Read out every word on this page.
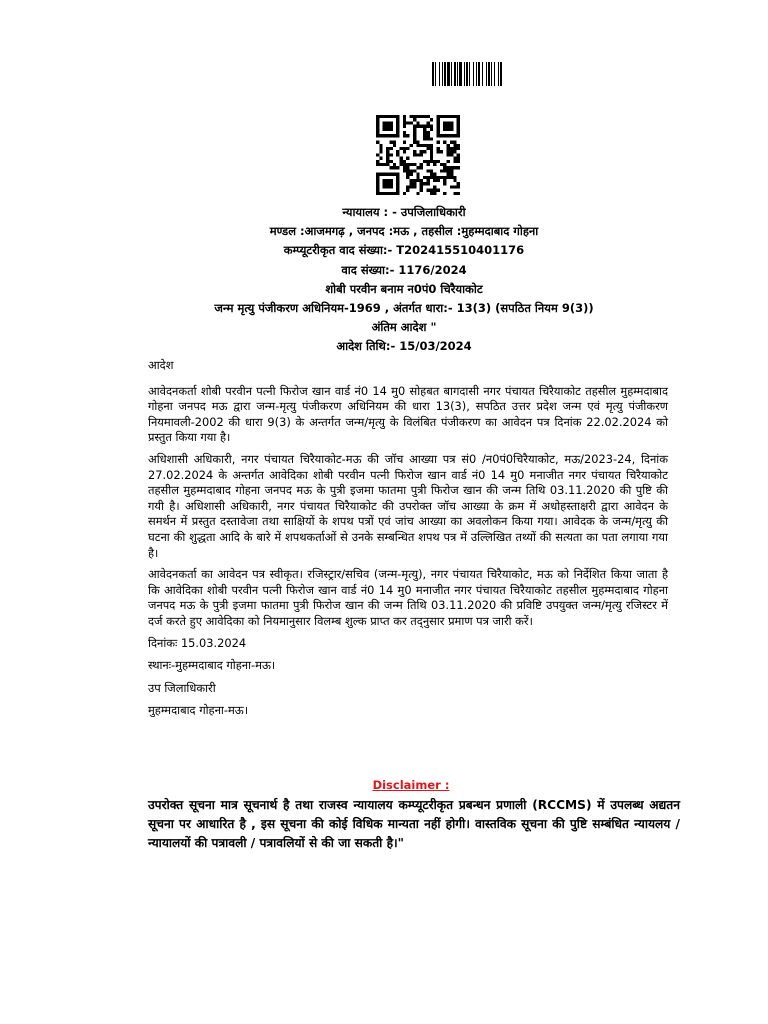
न्यायालय : - उपजिलाधिकारी
मण्डल :आजमगढ़ , जनपद :मऊ , तहसील :मुहम्मदाबाद गोहना
कम्प्यूटरीकृत वाद संख्या:- T202415510401176
वाद संख्या:- 1176/2024
शोबी परवीन बनाम न0पं0 चिरैयाकोट
जन्म मृत्यु पंजीकरण अधिनियम-1969 , अंतर्गत धारा:- 13(3) (सपठित नियम 9(3))
अंतिम आदेश "
आदेश तिथि:- 15/03/2024

आदेश

आवेदनकर्ता शोबी परवीन पत्नी फिरोज खान वार्ड नं0 14 मु0 सोहबत बागदासी नगर पंचायत चिरैयाकोट तहसील मुहम्मदाबाद गोहना जनपद मऊ द्वारा जन्म-मृत्यु पंजीकरण अधिनियम की धारा 13(3), सपठित उत्तर प्रदेश जन्म एवं मृत्यु पंजीकरण नियमावली-2002 की धारा 9(3) के अन्तर्गत जन्म/मृत्यु के विलंबित पंजीकरण का आवेदन पत्र दिनांक 22.02.2024 को प्रस्तुत किया गया है।

अधिशासी अधिकारी, नगर पंचायत चिरैयाकोट-मऊ की जॉच आख्या पत्र सं0 /न0पं0चिरैयाकोट, मऊ/2023-24, दिनांक 27.02.2024 के अन्तर्गत आवेदिका शोबी परवीन पत्नी फिरोज खान वार्ड नं0 14 मु0 मनाजीत नगर पंचायत चिरैयाकोट तहसील मुहम्मदाबाद गोहना जनपद मऊ के पुत्री इजमा फातमा पुत्री फिरोज खान की जन्म तिथि 03.11.2020 की पुष्टि की गयी है। अधिशासी अधिकारी, नगर पंचायत चिरैयाकोट की उपरोक्त जॉच आख्या के क्रम में अधोहस्ताक्षरी द्वारा आवेदन के समर्थन में प्रस्तुत दस्तावेजा तथा साक्षियों के शपथ पत्रों एवं जांच आख्या का अवलोकन किया गया। आवेदक के जन्म/मृत्यु की घटना की शुद्धता आदि के बारे में शपथकर्ताओं से उनके सम्बन्धित शपथ पत्र में उल्लिखित तथ्यों की सत्यता का पता लगाया गया है।

आवेदनकर्ता का आवेदन पत्र स्वीकृत। रजिस्ट्रार/सचिव (जन्म-मृत्यु), नगर पंचायत चिरैयाकोट, मऊ को निर्देशित किया जाता है कि आवेदिका शोबी परवीन पत्नी फिरोज खान वार्ड नं0 14 मु0 मनाजीत नगर पंचायत चिरैयाकोट तहसील मुहम्मदाबाद गोहना जनपद मऊ के पुत्री इजमा फातमा पुत्री फिरोज खान की जन्म तिथि 03.11.2020 की प्रविष्टि उपयुक्त जन्म/मृत्यु रजिस्टर में दर्ज करते हुए आवेदिका को नियमानुसार विलम्ब शुल्क प्राप्त कर तद्नुसार प्रमाण पत्र जारी करें।

दिनांकः 15.03.2024

स्थानः-मुहम्मदाबाद गोहना-मऊ।

उप जिलाधिकारी

मुहम्मदाबाद गोहना-मऊ।

Disclaimer :
उपरोक्त सूचना मात्र सूचनार्थ है तथा राजस्व न्यायालय कम्प्यूटरीकृत प्रबन्धन प्रणाली (RCCMS) में उपलब्ध अद्यतन सूचना पर आधारित है , इस सूचना की कोई विधिक मान्यता नहीं होगी। वास्तविक सूचना की पुष्टि सम्बंधित न्यायलय / न्यायालयों की पत्रावली / पत्रावलियों से की जा सकती है।"
